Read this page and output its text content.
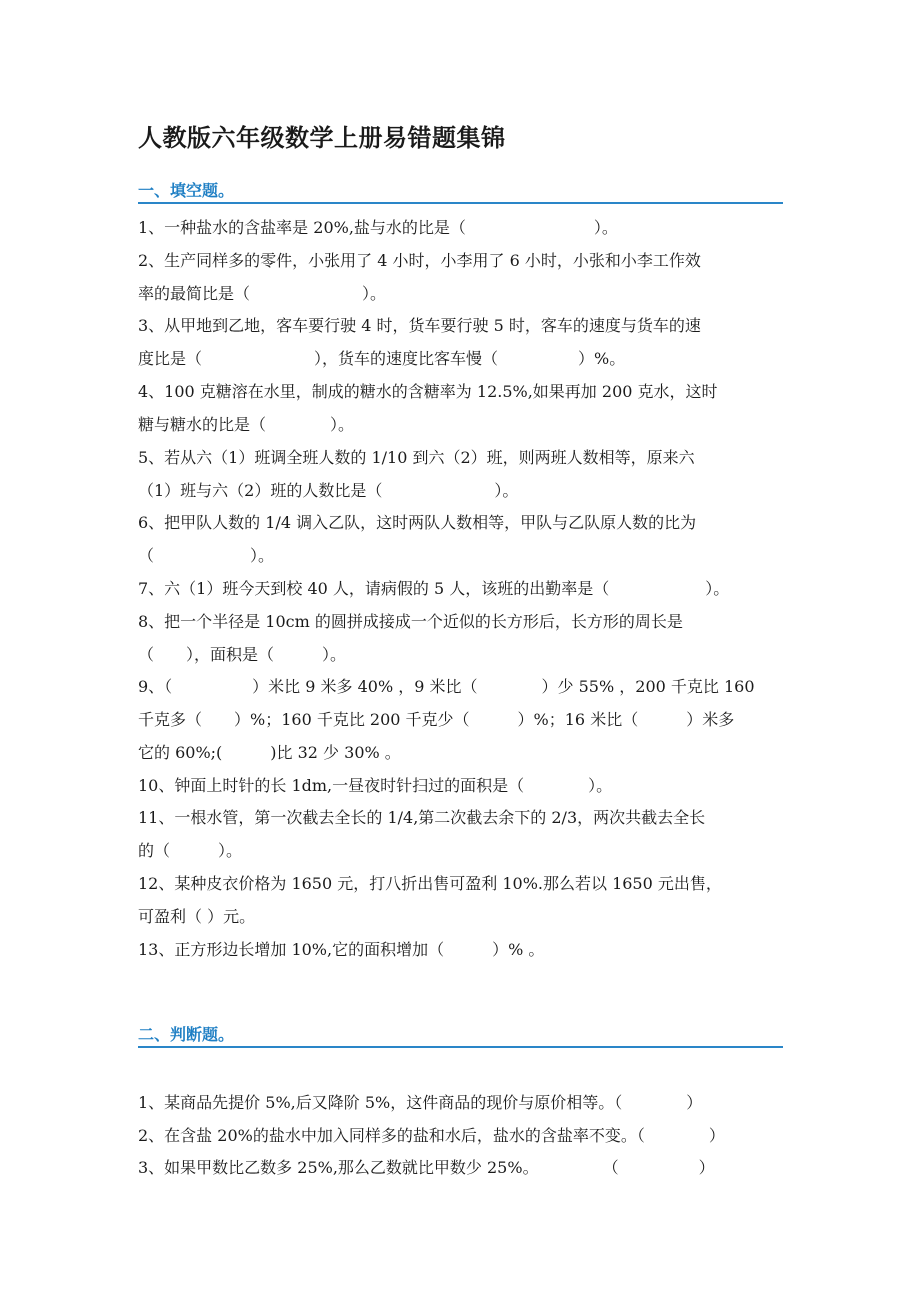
人教版六年级数学上册易错题集锦
一、填空题。
1、一种盐水的含盐率是 20%,盐与水的比是（　　　　　　　　）。
2、生产同样多的零件，小张用了 4 小时，小李用了 6 小时，小张和小李工作效
率的最简比是（　　　　　　　）。
3、从甲地到乙地，客车要行驶 4 时，货车要行驶 5 时，客车的速度与货车的速
度比是（　　　　　　　），货车的速度比客车慢（　　　　　）%。
4、100 克糖溶在水里，制成的糖水的含糖率为 12.5%,如果再加 200 克水，这时
糖与糖水的比是（　　　　）。
5、若从六（1）班调全班人数的 1/10 到六（2）班，则两班人数相等，原来六
（1）班与六（2）班的人数比是（　　　　　　　）。
6、把甲队人数的 1/4 调入乙队，这时两队人数相等，甲队与乙队原人数的比为
（　　　　　　）。
7、六（1）班今天到校 40 人，请病假的 5 人，该班的出勤率是（　　　　　　）。
8、把一个半径是 10cm 的圆拼成接成一个近似的长方形后，长方形的周长是
（　　），面积是（　　　）。
9、（　　　　　）米比 9 米多 40% ，9 米比（　　　　）少 55% ，200 千克比 160
千克多（　　）%；160 千克比 200 千克少（　　　）%；16 米比（　　　）米多
它的 60%;(　　　)比 32 少 30% 。
10、钟面上时针的长 1dm,一昼夜时针扫过的面积是（　　　　）。
11、一根水管，第一次截去全长的 1/4,第二次截去余下的 2/3，两次共截去全长
的（　　　）。
12、某种皮衣价格为 1650 元，打八折出售可盈利 10%.那么若以 1650 元出售，
可盈利（ ）元。
13、正方形边长增加 10%,它的面积增加（　　　）% 。
二、判断题。
1、某商品先提价 5%,后又降阶 5%，这件商品的现价与原价相等。（　　　　）
2、在含盐 20%的盐水中加入同样多的盐和水后，盐水的含盐率不变。（　　　　）
3、如果甲数比乙数多 25%,那么乙数就比甲数少 25%。　　　　　（　　　　　）
